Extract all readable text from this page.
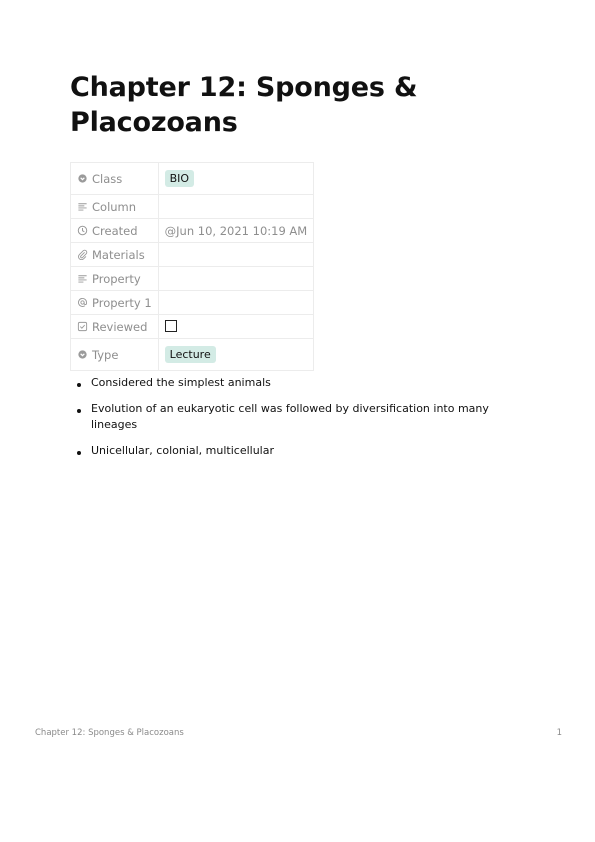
Chapter 12: Sponges & Placozoans
Class	BIO

Column	

Created	@Jun 10, 2021 10:19 AM

Materials	

Property	

Property 1	

Reviewed	

Type	Lecture
Considered the simplest animals
Evolution of an eukaryotic cell was followed by diversification into many lineages
Unicellular, colonial, multicellular
Chapter 12: Sponges & Placozoans	1
